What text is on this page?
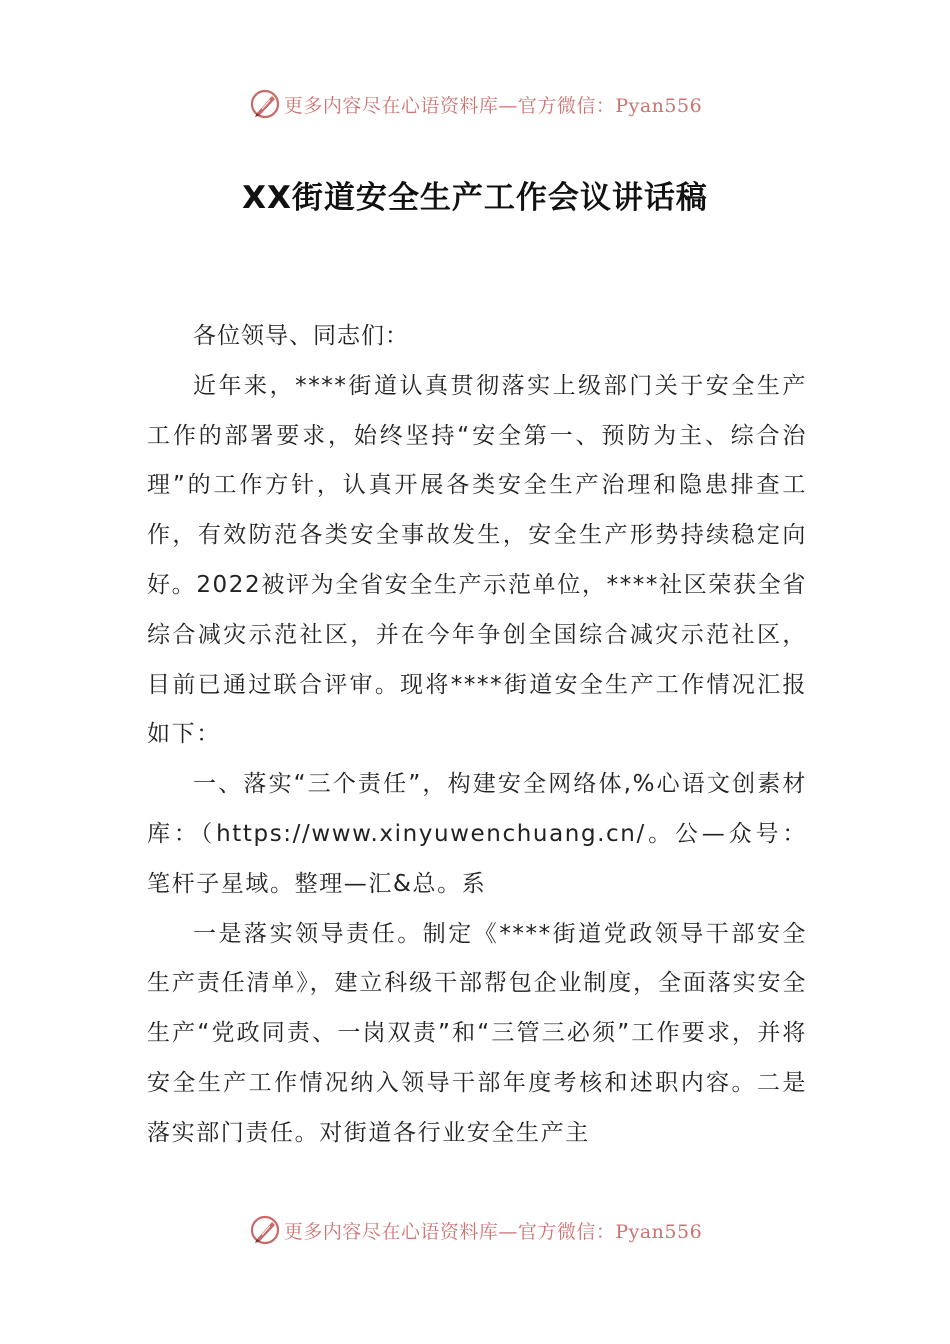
更多内容尽在心语资料库—官方微信：Pyan556
XX街道安全生产工作会议讲话稿

各位领导、同志们：

近年来，****街道认真贯彻落实上级部门关于安全生产工作的部署要求，始终坚持“安全第一、预防为主、综合治理”的工作方针，认真开展各类安全生产治理和隐患排查工作，有效防范各类安全事故发生，安全生产形势持续稳定向好。2022被评为全省安全生产示范单位，****社区荣获全省综合减灾示范社区，并在今年争创全国综合减灾示范社区，目前已通过联合评审。现将****街道安全生产工作情况汇报如下：

一、落实“三个责任”，构建安全网络体,%心语文创素材库：（https://www.xinyuwenchuang.cn/。公—众号：笔杆子星域。整理—汇&总。系

一是落实领导责任。制定《****街道党政领导干部安全生产责任清单》，建立科级干部帮包企业制度，全面落实安全生产“党政同责、一岗双责”和“三管三必须”工作要求，并将安全生产工作情况纳入领导干部年度考核和述职内容。二是落实部门责任。对街道各行业安全生产主

更多内容尽在心语资料库—官方微信：Pyan556
